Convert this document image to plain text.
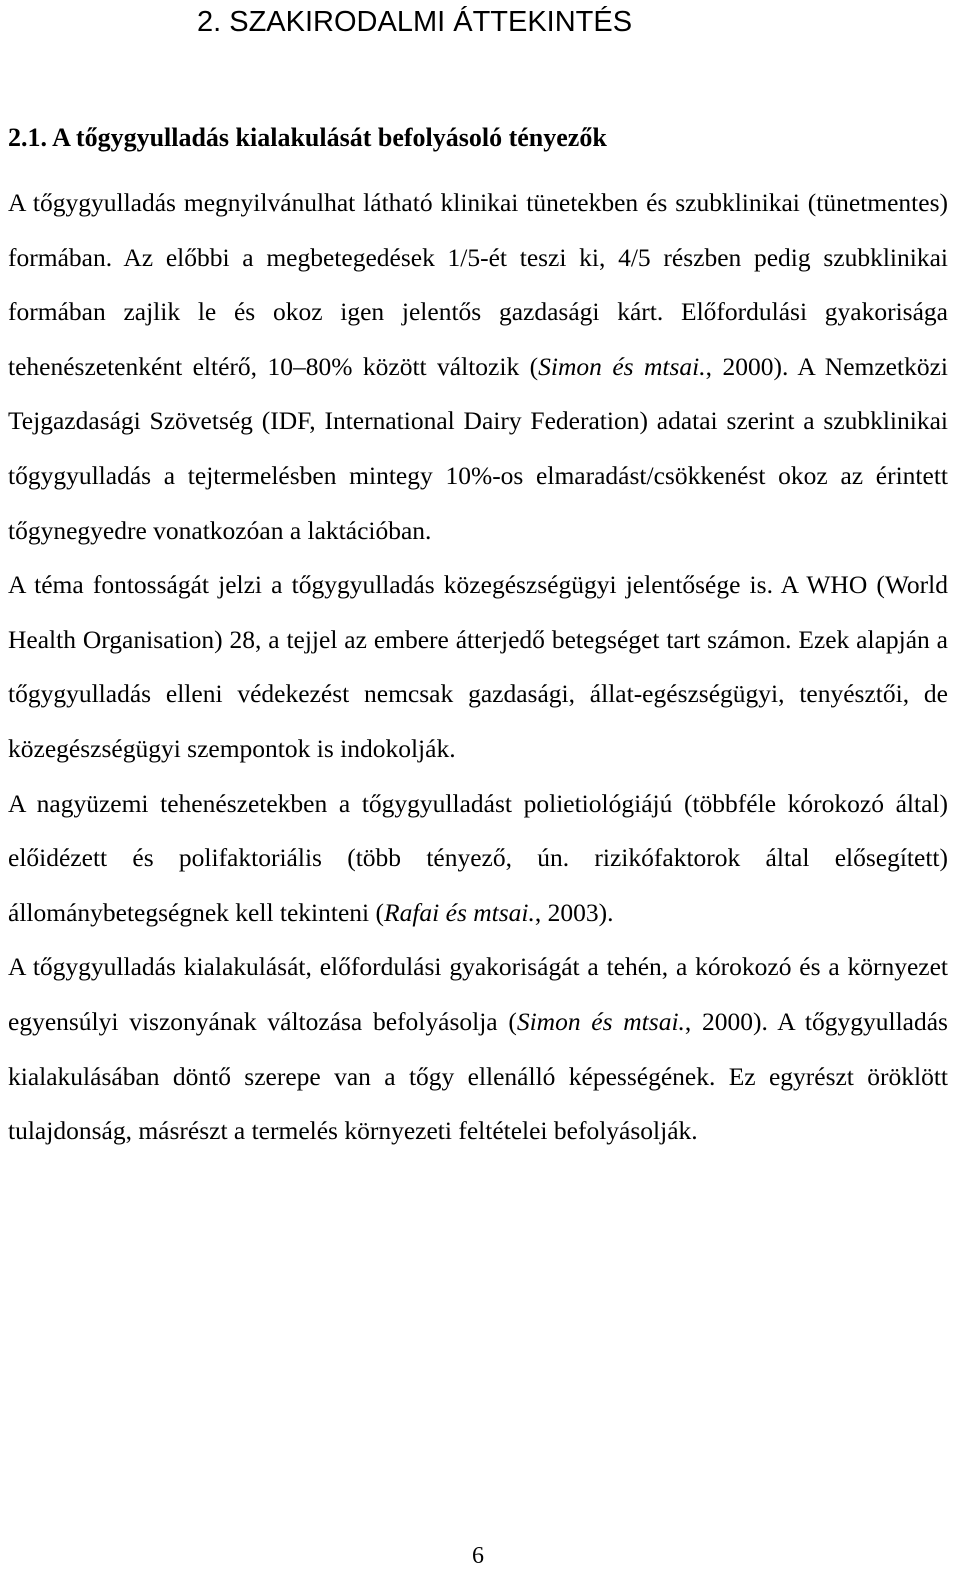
2. SZAKIRODALMI ÁTTEKINTÉS
2.1. A tőgygyulladás kialakulását befolyásoló tényezők

A tőgygyulladás megnyilvánulhat látható klinikai tünetekben és szubklinikai (tünetmentes) formában. Az előbbi a megbetegedések 1/5-ét teszi ki, 4/5 részben pedig szubklinikai formában zajlik le és okoz igen jelentős gazdasági kárt. Előfordulási gyakorisága tehenészetenként eltérő, 10–80% között változik (Simon és mtsai., 2000). A Nemzetközi Tejgazdasági Szövetség (IDF, International Dairy Federation) adatai szerint a szubklinikai tőgygyulladás a tejtermelésben mintegy 10%-os elmaradást/csökkenést okoz az érintett tőgynegyedre vonatkozóan a laktációban.

A téma fontosságát jelzi a tőgygyulladás közegészségügyi jelentősége is. A WHO (World Health Organisation) 28, a tejjel az embere átterjedő betegséget tart számon. Ezek alapján a tőgygyulladás elleni védekezést nemcsak gazdasági, állat-egészségügyi, tenyésztői, de közegészségügyi szempontok is indokolják.

A nagyüzemi tehenészetekben a tőgygyulladást polietiológiájú (többféle kórokozó által) előidézett és polifaktoriális (több tényező, ún. rizikófaktorok által elősegített) állománybetegségnek kell tekinteni (Rafai és mtsai., 2003).

A tőgygyulladás kialakulását, előfordulási gyakoriságát a tehén, a kórokozó és a környezet egyensúlyi viszonyának változása befolyásolja (Simon és mtsai., 2000). A tőgygyulladás kialakulásában döntő szerepe van a tőgy ellenálló képességének. Ez egyrészt öröklött tulajdonság, másrészt a termelés környezeti feltételei befolyásolják.

6
